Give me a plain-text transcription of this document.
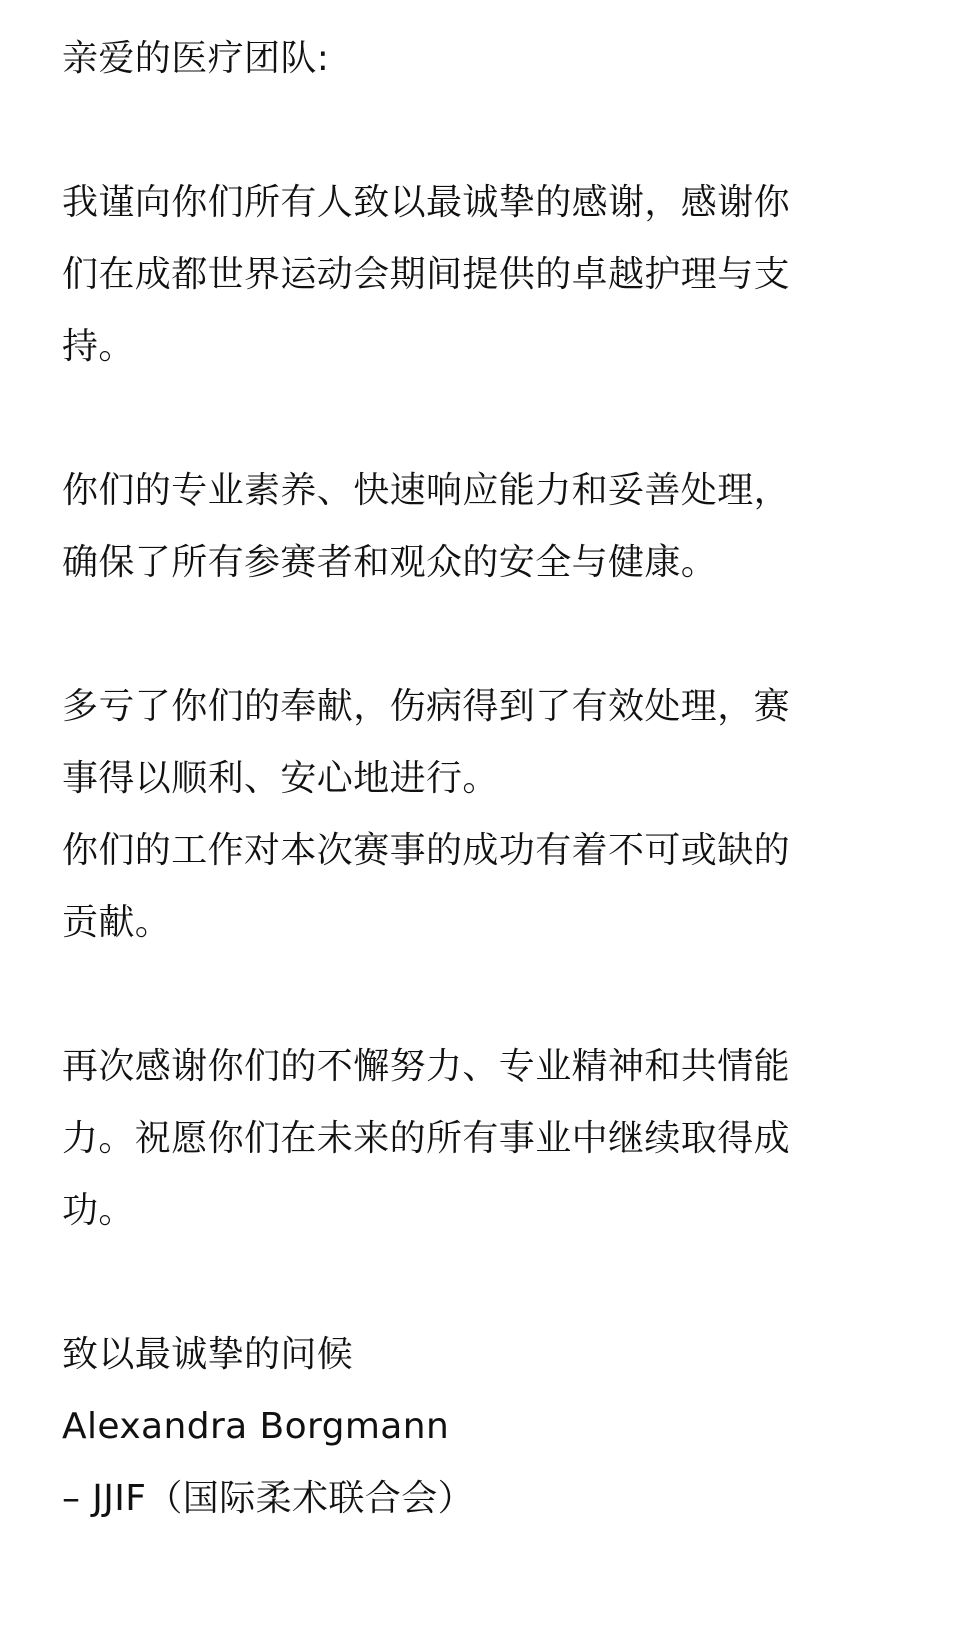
亲爱的医疗团队:
我谨向你们所有人致以最诚挚的感谢，感谢你
们在成都世界运动会期间提供的卓越护理与支
持。
你们的专业素养、快速响应能力和妥善处理，
确保了所有参赛者和观众的安全与健康。
多亏了你们的奉献，伤病得到了有效处理，赛
事得以顺利、安心地进行。
你们的工作对本次赛事的成功有着不可或缺的
贡献。
再次感谢你们的不懈努力、专业精神和共情能
力。祝愿你们在未来的所有事业中继续取得成
功。
致以最诚挚的问候
Alexandra Borgmann
– JJIF（国际柔术联合会）
